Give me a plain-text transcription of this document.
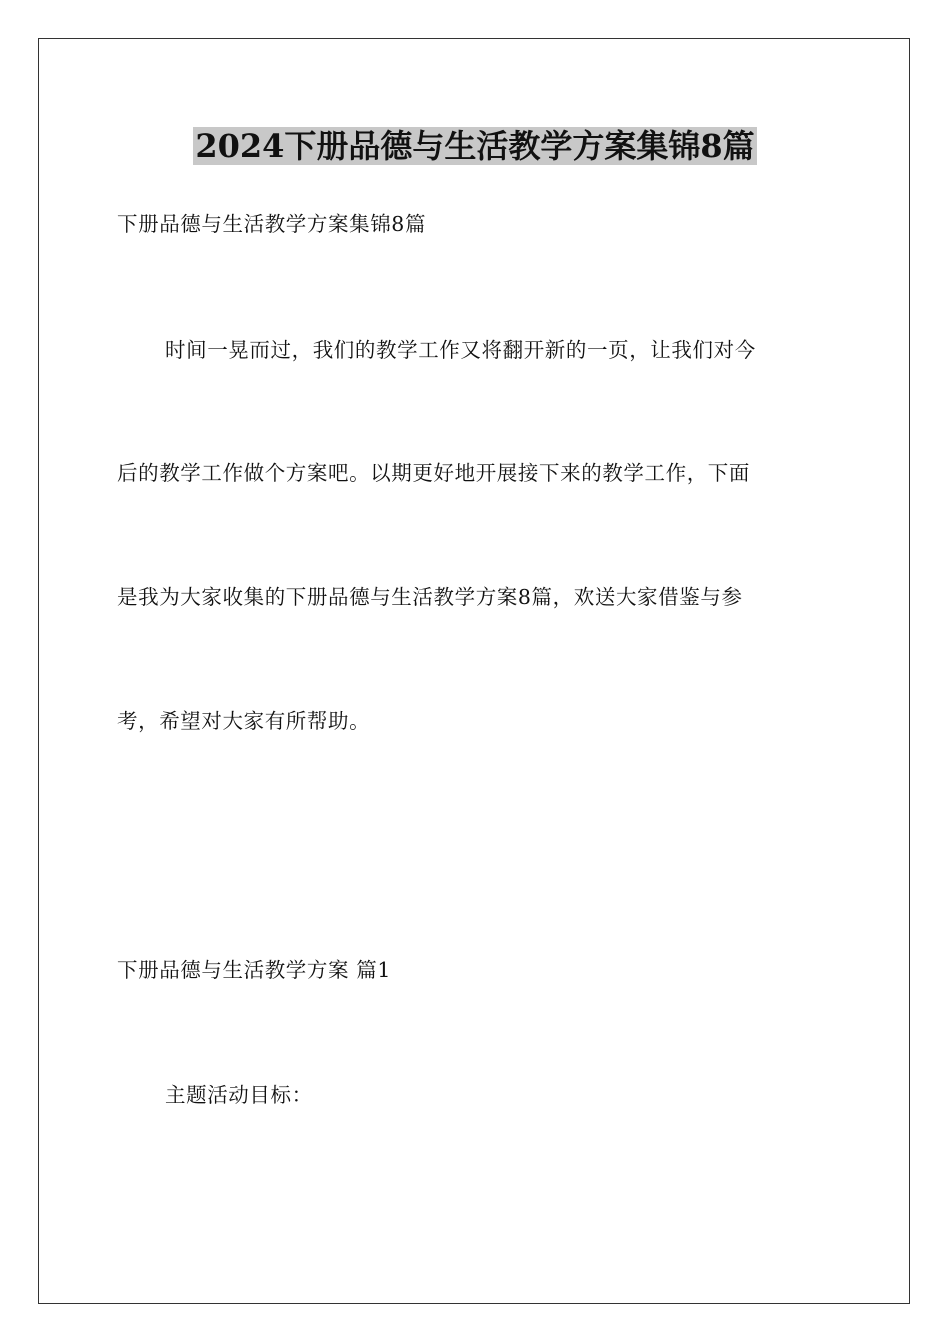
2024下册品德与生活教学方案集锦8篇

下册品德与生活教学方案集锦8篇

时间一晃而过，我们的教学工作又将翻开新的一页，让我们对今

后的教学工作做个方案吧。以期更好地开展接下来的教学工作，下面

是我为大家收集的下册品德与生活教学方案8篇，欢送大家借鉴与参

考，希望对大家有所帮助。

下册品德与生活教学方案 篇1

主题活动目标：
